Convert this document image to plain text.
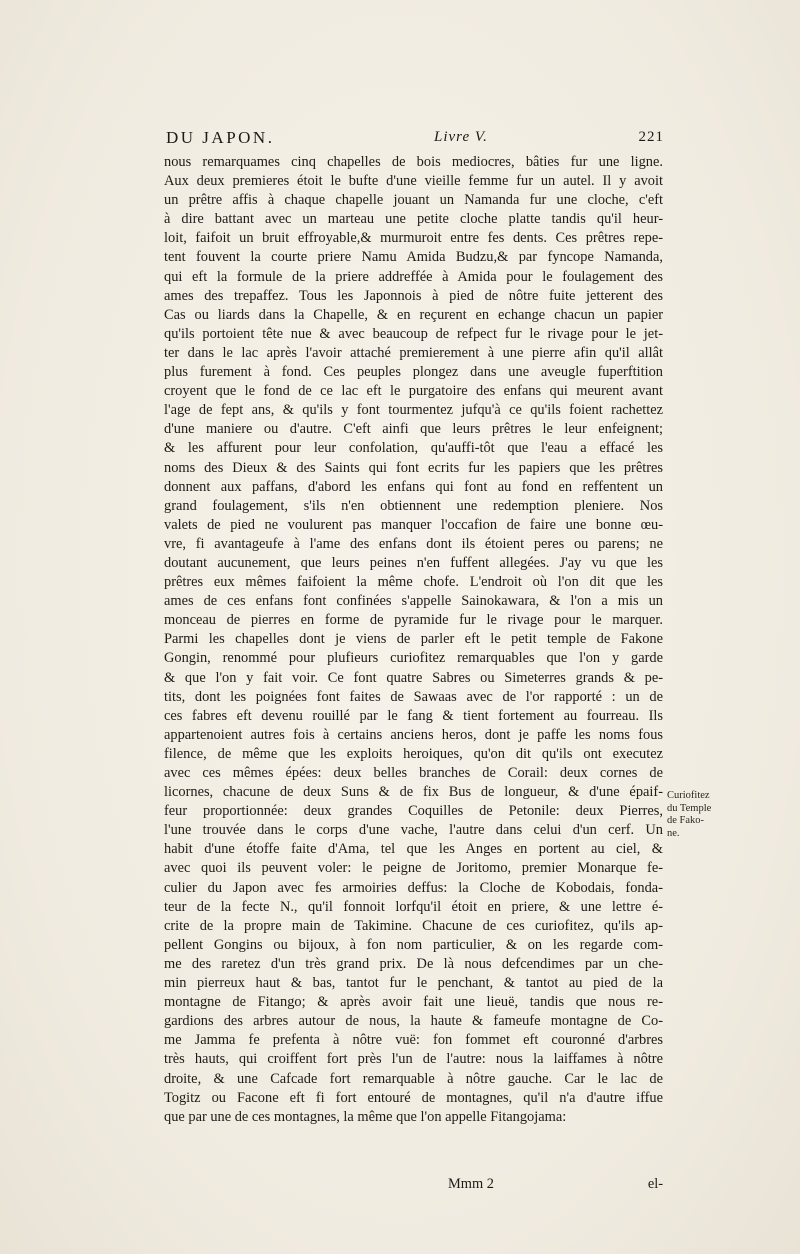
DU JAPON.	Livre V.	221
nous remarquames cinq chapelles de bois mediocres, bâties fur une ligne.
Aux deux premieres étoit le bufte d'une vieille femme fur un autel. Il y avoit
un prêtre affis à chaque chapelle jouant un Namanda fur une cloche, c'eft
à dire battant avec un marteau une petite cloche platte tandis qu'il heur-
loit, faifoit un bruit effroyable,& murmuroit entre fes dents. Ces prêtres repe-
tent fouvent la courte priere Namu Amida Budzu,& par fyncope Namanda,
qui eft la formule de la priere addreffée à Amida pour le foulagement des
ames des trepaffez. Tous les Japonnois à pied de nôtre fuite jetterent des
Cas ou liards dans la Chapelle, & en reçurent en echange chacun un papier
qu'ils portoient tête nue & avec beaucoup de refpect fur le rivage pour le jet-
ter dans le lac après l'avoir attaché premierement à une pierre afin qu'il allât
plus furement à fond. Ces peuples plongez dans une aveugle fuperftition
croyent que le fond de ce lac eft le purgatoire des enfans qui meurent avant
l'age de fept ans, & qu'ils y font tourmentez jufqu'à ce qu'ils foient rachettez
d'une maniere ou d'autre. C'eft ainfi que leurs prêtres le leur enfeignent;
& les affurent pour leur confolation, qu'auffi-tôt que l'eau a effacé les
noms des Dieux & des Saints qui font ecrits fur les papiers que les prêtres
donnent aux paffans, d'abord les enfans qui font au fond en reffentent un
grand foulagement, s'ils n'en obtiennent une redemption pleniere. Nos
valets de pied ne voulurent pas manquer l'occafion de faire une bonne œu-
vre, fi avantageufe à l'ame des enfans dont ils étoient peres ou parens; ne
doutant aucunement, que leurs peines n'en fuffent allegées. J'ay vu que les
prêtres eux mêmes faifoient la même chofe. L'endroit où l'on dit que les
ames de ces enfans font confinées s'appelle Sainokawara, & l'on a mis un
monceau de pierres en forme de pyramide fur le rivage pour le marquer.
Parmi les chapelles dont je viens de parler eft le petit temple de Fakone
Gongin, renommé pour plufieurs curiofitez remarquables que l'on y garde
& que l'on y fait voir. Ce font quatre Sabres ou Simeterres grands & pe-
tits, dont les poignées font faites de Sawaas avec de l'or rapporté : un de
ces fabres eft devenu rouillé par le fang & tient fortement au fourreau. Ils
appartenoient autres fois à certains anciens heros, dont je paffe les noms fous
filence, de même que les exploits heroiques, qu'on dit qu'ils ont executez
avec ces mêmes épées: deux belles branches de Corail: deux cornes de
licornes, chacune de deux Suns & de fix Bus de longueur, & d'une épaif-
feur proportionnée: deux grandes Coquilles de Petonile: deux Pierres,
l'une trouvée dans le corps d'une vache, l'autre dans celui d'un cerf. Un
habit d'une étoffe faite d'Ama, tel que les Anges en portent au ciel, &
avec quoi ils peuvent voler: le peigne de Joritomo, premier Monarque fe-
culier du Japon avec fes armoiries deffus: la Cloche de Kobodais, fonda-
teur de la fecte N., qu'il fonnoit lorfqu'il étoit en priere, & une lettre é-
crite de la propre main de Takimine. Chacune de ces curiofitez, qu'ils ap-
pellent Gongins ou bijoux, à fon nom particulier, & on les regarde com-
me des raretez d'un très grand prix. De là nous defcendimes par un che-
min pierreux haut & bas, tantot fur le penchant, & tantot au pied de la
montagne de Fitango; & après avoir fait une lieuë, tandis que nous re-
gardions des arbres autour de nous, la haute & fameufe montagne de Co-
me Jamma fe prefenta à nôtre vuë: fon fommet eft couronné d'arbres
très hauts, qui croiffent fort près l'un de l'autre: nous la laiffames à nôtre
droite, & une Cafcade fort remarquable à nôtre gauche. Car le lac de
Togitz ou Facone eft fi fort entouré de montagnes, qu'il n'a d'autre iffue
que par une de ces montagnes, la même que l'on appelle Fitangojama:
Curiofitez
du Temple
de Fako-
ne.
Mmm 2	el-
